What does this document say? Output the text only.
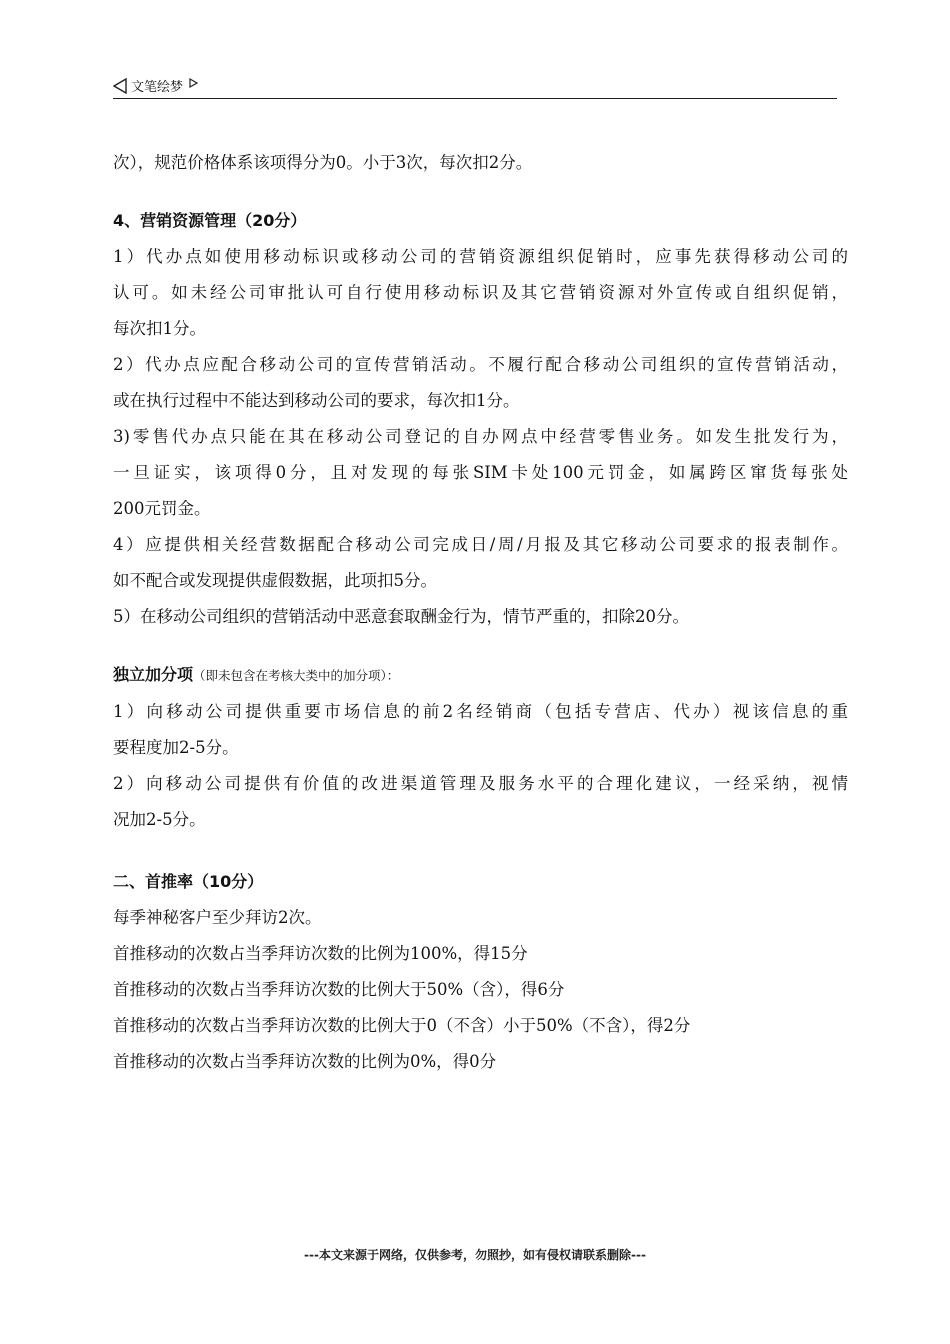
文笔绘梦
次），规范价格体系该项得分为0。小于3次，每次扣2分。
4、营销资源管理（20分）
1）代办点如使用移动标识或移动公司的营销资源组织促销时，应事先获得移动公司的
认可。如未经公司审批认可自行使用移动标识及其它营销资源对外宣传或自组织促销，
每次扣1分。
2）代办点应配合移动公司的宣传营销活动。不履行配合移动公司组织的宣传营销活动，
或在执行过程中不能达到移动公司的要求，每次扣1分。
3)零售代办点只能在其在移动公司登记的自办网点中经营零售业务。如发生批发行为，
一旦证实，该项得0分，且对发现的每张SIM卡处100元罚金，如属跨区窜货每张处
200元罚金。
4）应提供相关经营数据配合移动公司完成日/周/月报及其它移动公司要求的报表制作。
如不配合或发现提供虚假数据，此项扣5分。
5）在移动公司组织的营销活动中恶意套取酬金行为，情节严重的，扣除20分。
独立加分项（即未包含在考核大类中的加分项）：
1）向移动公司提供重要市场信息的前2名经销商（包括专营店、代办）视该信息的重
要程度加2-5分。
2）向移动公司提供有价值的改进渠道管理及服务水平的合理化建议，一经采纳，视情
况加2-5分。
二、首推率（10分）
每季神秘客户至少拜访2次。
首推移动的次数占当季拜访次数的比例为100%，得15分
首推移动的次数占当季拜访次数的比例大于50%（含），得6分
首推移动的次数占当季拜访次数的比例大于0（不含）小于50%（不含），得2分
首推移动的次数占当季拜访次数的比例为0%，得0分
---本文来源于网络，仅供参考，勿照抄，如有侵权请联系删除---
